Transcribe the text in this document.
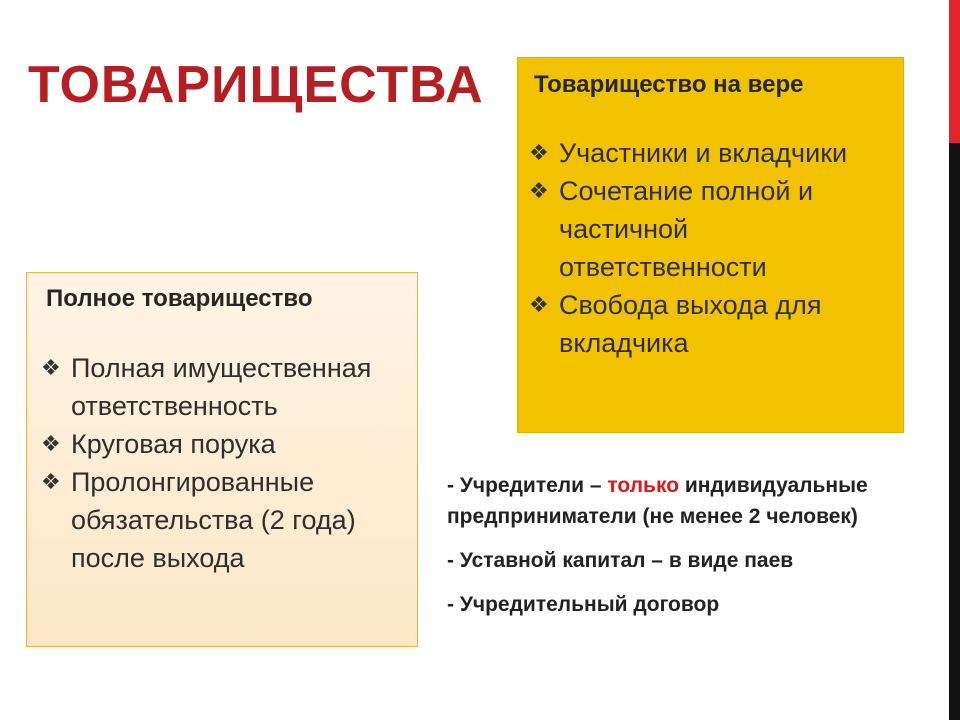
ТОВАРИЩЕСТВА Товарищество на вере
❖ Участники и вкладчики
❖ Сочетание полной и частичной ответственности
❖ Свобода выхода для вкладчика
Полное товарищество
❖ Полная имущественная ответственность
❖ Круговая порука
❖ Пролонгированные обязательства (2 года) после выхода

- Учредители – только индивидуальные предприниматели (не менее 2 человек)

- Уставной капитал – в виде паев

- Учредительный договор
